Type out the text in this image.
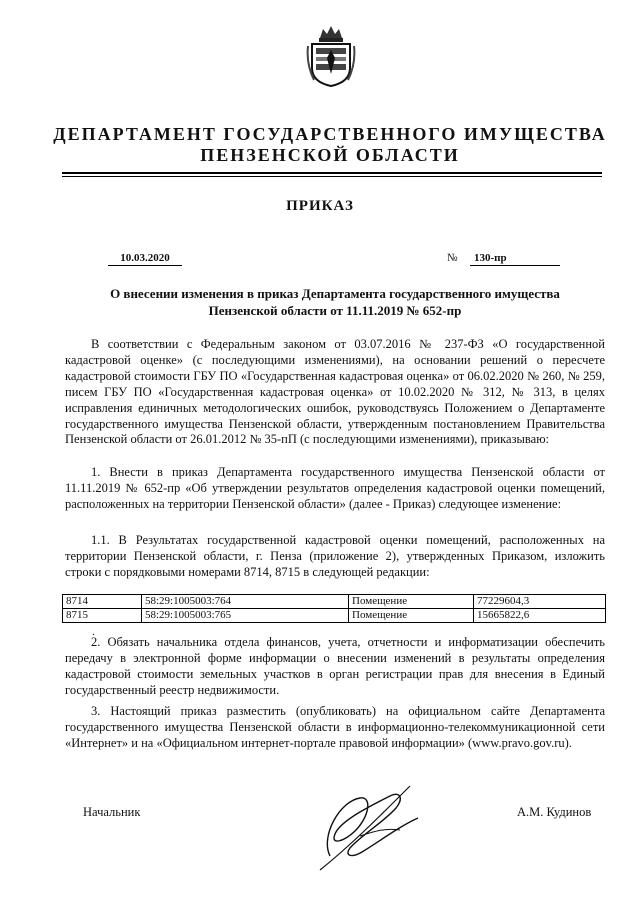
ДЕПАРТАМЕНТ ГОСУДАРСТВЕННОГО ИМУЩЕСТВА
ПЕНЗЕНСКОЙ ОБЛАСТИ
ПРИКАЗ
10.03.2020	№	130-пр
О внесении изменения в приказ Департамента государственного имущества
Пензенской области от 11.11.2019 № 652-пр
В соответствии с Федеральным законом от 03.07.2016 № 237-ФЗ «О государственной кадастровой оценке» (с последующими изменениями), на основании решений о пересчете кадастровой стоимости ГБУ ПО «Государственная кадастровая оценка» от 06.02.2020 № 260, № 259, писем ГБУ ПО «Государственная кадастровая оценка» от 10.02.2020 № 312, № 313, в целях исправления единичных методологических ошибок, руководствуясь Положением о Департаменте государственного имущества Пензенской области, утвержденным постановлением Правительства Пензенской области от 26.01.2012 № 35-пП (с последующими изменениями), приказываю:
1. Внести в приказ Департамента государственного имущества Пензенской области от 11.11.2019 № 652-пр «Об утверждении результатов определения кадастровой оценки помещений, расположенных на территории Пензенской области» (далее - Приказ) следующее изменение:
1.1. В Результатах государственной кадастровой оценки помещений, расположенных на территории Пензенской области, г. Пенза (приложение 2), утвержденных Приказом, изложить строки с порядковыми номерами 8714, 8715 в следующей редакции:
8714	58:29:1005003:764	Помещение	77229604,3
8715	58:29:1005003:765	Помещение	15665822,6
.
2. Обязать начальника отдела финансов, учета, отчетности и информатизации обеспечить передачу в электронной форме информации о внесении изменений в результаты определения кадастровой стоимости земельных участков в орган регистрации прав для внесения в Единый государственный реестр недвижимости.
3. Настоящий приказ разместить (опубликовать) на официальном сайте Департамента государственного имущества Пензенской области в информационно-телекоммуникационной сети «Интернет» и на «Официальном интернет-портале правовой информации» (www.pravo.gov.ru).
Начальник	А.М. Кудинов
